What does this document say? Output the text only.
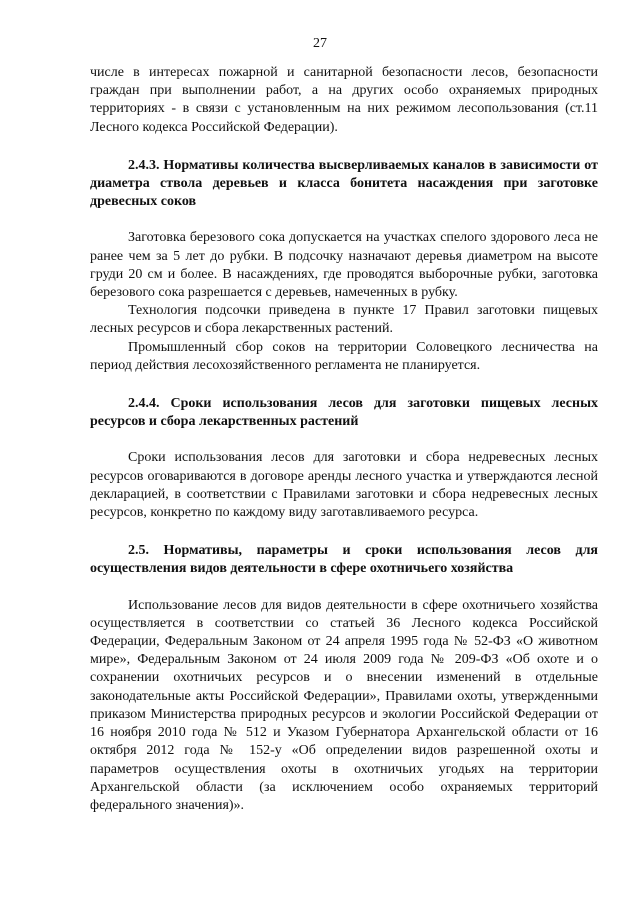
27

числе в интересах пожарной и санитарной безопасности лесов, безопасности граждан при выполнении работ, а на других особо охраняемых природных территориях - в связи с установленным на них режимом лесопользования (ст.11 Лесного кодекса Российской Федерации).

2.4.3. Нормативы количества высверливаемых каналов в зависимости от диаметра ствола деревьев и класса бонитета насаждения при заготовке древесных соков

Заготовка березового сока допускается на участках спелого здорового леса не ранее чем за 5 лет до рубки. В подсочку назначают деревья диаметром на высоте груди 20 см и более. В насаждениях, где проводятся выборочные рубки, заготовка березового сока разрешается с деревьев, намеченных в рубку.

Технология подсочки приведена в пункте 17 Правил заготовки пищевых лесных ресурсов и сбора лекарственных растений.

Промышленный сбор соков на территории Соловецкого лесничества на период действия лесохозяйственного регламента не планируется.

2.4.4. Сроки использования лесов для заготовки пищевых лесных ресурсов и сбора лекарственных растений

Сроки использования лесов для заготовки и сбора недревесных лесных ресурсов оговариваются в договоре аренды лесного участка и утверждаются лесной декларацией, в соответствии с Правилами заготовки и сбора недревесных лесных ресурсов, конкретно по каждому виду заготавливаемого ресурса.

2.5. Нормативы, параметры и сроки использования лесов для осуществления видов деятельности в сфере охотничьего хозяйства

Использование лесов для видов деятельности в сфере охотничьего хозяйства осуществляется в соответствии со статьей 36 Лесного кодекса Российской Федерации, Федеральным Законом от 24 апреля 1995 года № 52-ФЗ «О животном мире», Федеральным Законом от 24 июля 2009 года № 209-ФЗ «Об охоте и о сохранении охотничьих ресурсов и о внесении изменений в отдельные законодательные акты Российской Федерации», Правилами охоты, утвержденными приказом Министерства природных ресурсов и экологии Российской Федерации от 16 ноября 2010 года № 512 и Указом Губернатора Архангельской области от 16 октября 2012 года № 152-у «Об определении видов разрешенной охоты и параметров осуществления охоты в охотничьих угодьях на территории Архангельской области (за исключением особо охраняемых территорий федерального значения)».
